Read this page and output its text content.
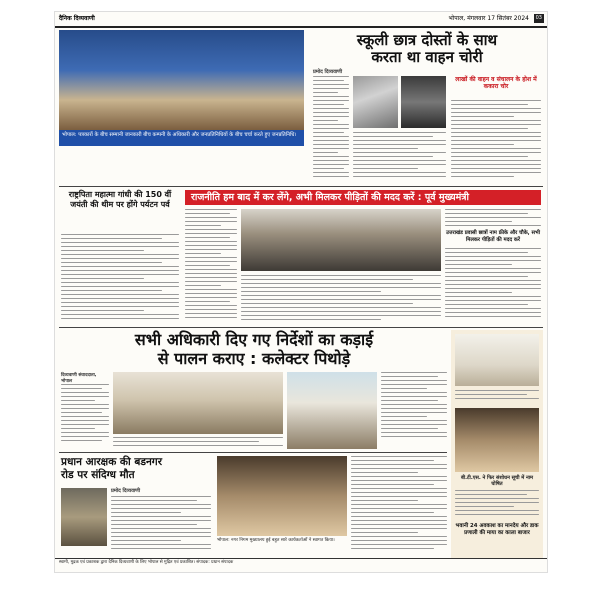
दैनिक दिव्यवाणी	भोपाल, मंगलवार 17 सितंबर 2024	03
भोपाल: पत्रकारों के बीच सम्मानी जानकारी बीच कम्पनी के अधिकारी और जनप्रतिनिधियों के बीच चर्चा करते हुए जनप्रतिनिधि।
स्कूली छात्र दोस्तों के साथ
करता था वाहन चोरी
प्रमोद दिव्यवाणी
लाखों की वाहन व संचालन के होश में ककारा चोर
राष्ट्रपिता महात्मा गांधी की 150 वीं जयंती की थीम पर होंगे पर्यटन पर्व
राजनीति हम बाद में कर लेंगे, अभी मिलकर पीड़ितों की मदद करें : पूर्व मुख्यमंत्री
उत्तराखंड प्रवासी छात्रों नाम फ्रीके और चौके, सभी मिलकर पीड़ितों की मदद करें
सभी अधिकारी दिए गए निर्देशों का कड़ाई
से पालन कराए : कलेक्टर पिथोड़े
दिव्यवाणी संवाददाता, भोपाल
बी.टी.एस. ने फिर संशोधन सूची में नाम घोषित
भवानी 24 अवकाश का मानदेय और डाक प्रणाली की माया का काला बाजार
प्रधान आरक्षक की बडनगर
रोड पर संदिग्ध मौत
प्रमोद दिव्यवाणी
भोपाल: नगर निगम मुख्यालय हुई बहुत सारे कार्यकर्ताओं ने स्वागत किया।
स्वामी, मुद्रक एवं प्रकाशक द्वारा दैनिक दिव्यवाणी के लिए भोपाल से मुद्रित एवं प्रकाशित। संपादक: प्रधान संपादक
